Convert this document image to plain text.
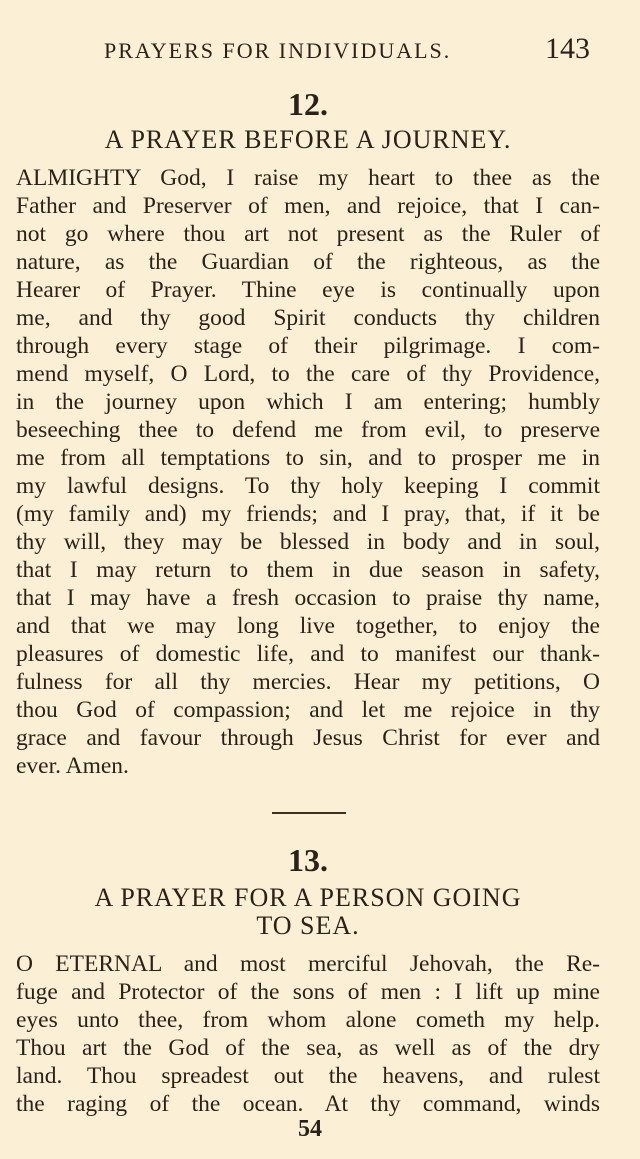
PRAYERS FOR INDIVIDUALS.	143
12.
A PRAYER BEFORE A JOURNEY.
ALMIGHTY God, I raise my heart to thee as the
Father and Preserver of men, and rejoice, that I can-
not go where thou art not present as the Ruler of
nature, as the Guardian of the righteous, as the
Hearer of Prayer. Thine eye is continually upon
me, and thy good Spirit conducts thy children
through every stage of their pilgrimage. I com-
mend myself, O Lord, to the care of thy Providence,
in the journey upon which I am entering; humbly
beseeching thee to defend me from evil, to preserve
me from all temptations to sin, and to prosper me in
my lawful designs. To thy holy keeping I commit
(my family and) my friends; and I pray, that, if it be
thy will, they may be blessed in body and in soul,
that I may return to them in due season in safety,
that I may have a fresh occasion to praise thy name,
and that we may long live together, to enjoy the
pleasures of domestic life, and to manifest our thank-
fulness for all thy mercies. Hear my petitions, O
thou God of compassion; and let me rejoice in thy
grace and favour through Jesus Christ for ever and
ever. Amen.
13.
A PRAYER FOR A PERSON GOING
TO SEA.
O ETERNAL and most merciful Jehovah, the Re-
fuge and Protector of the sons of men : I lift up mine
eyes unto thee, from whom alone cometh my help.
Thou art the God of the sea, as well as of the dry
land. Thou spreadest out the heavens, and rulest
the raging of the ocean. At thy command, winds
54
